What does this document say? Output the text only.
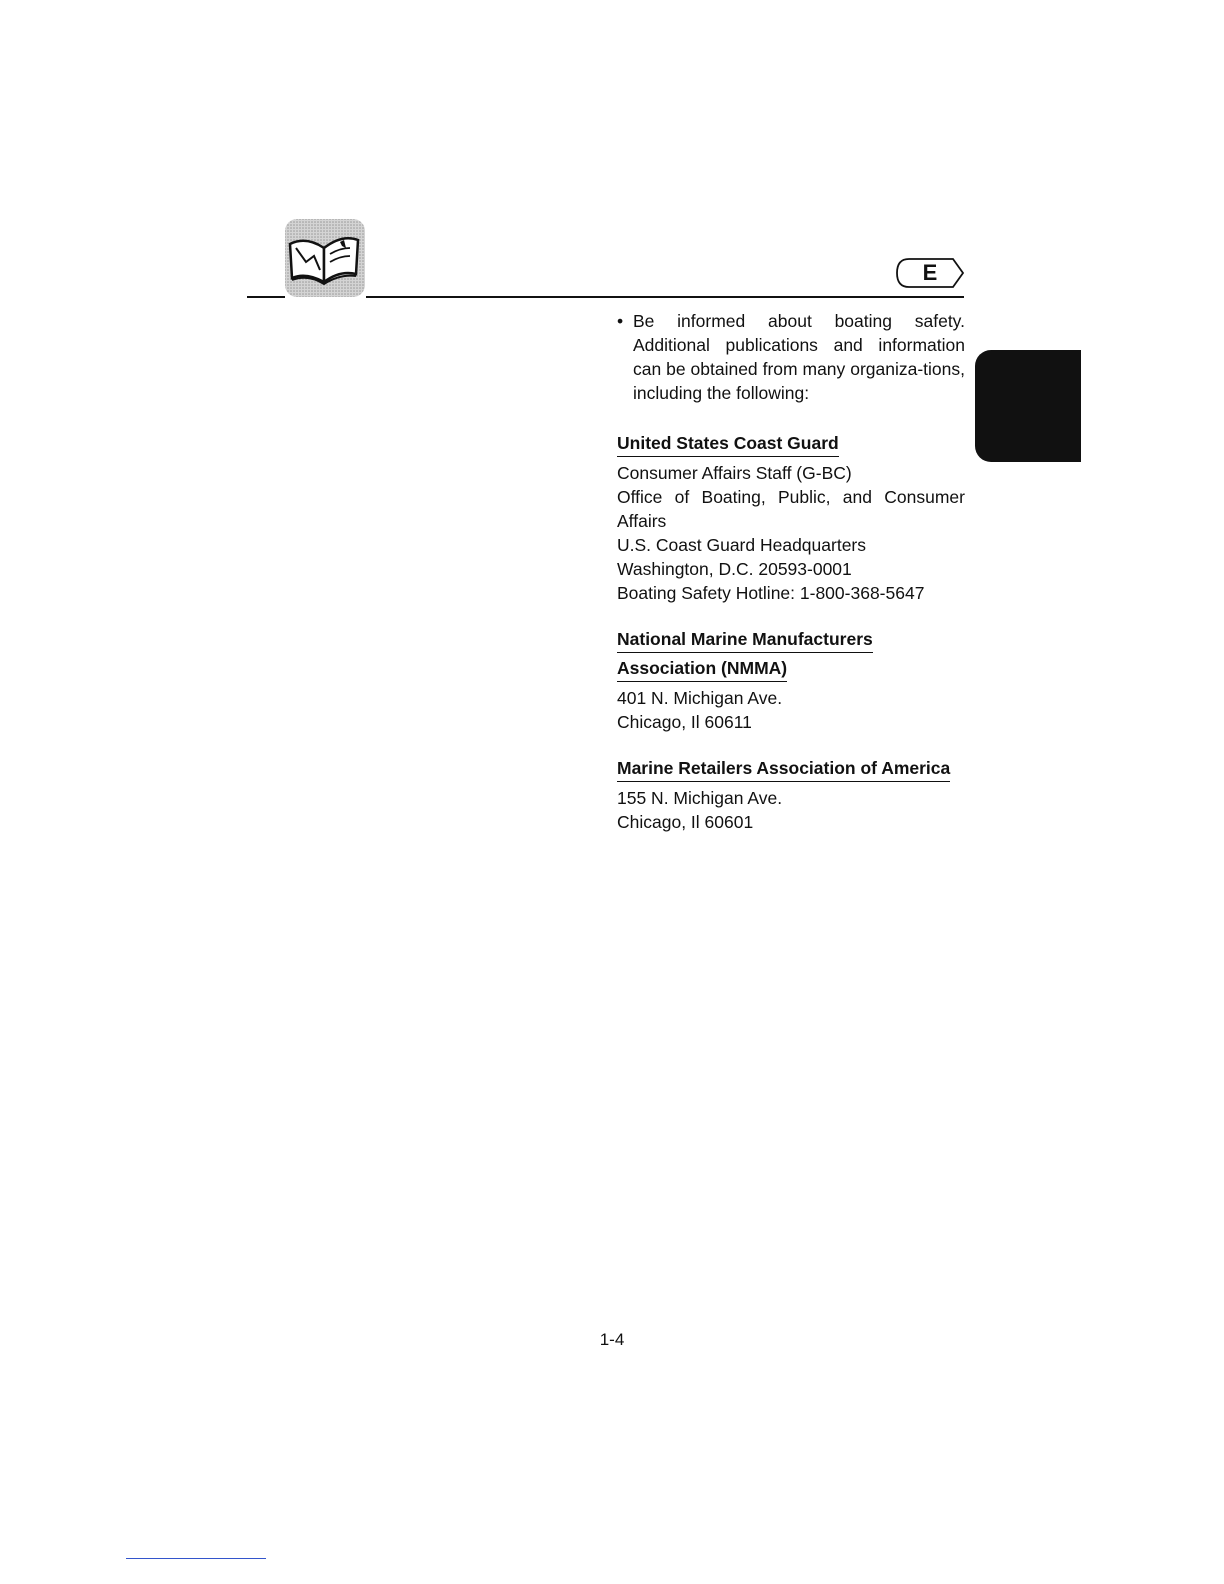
E
• Be informed about boating safety. Additional publications and information can be obtained from many organiza-tions, including the following:
United States Coast Guard
Consumer Affairs Staff (G-BC)
Office of Boating, Public, and Consumer Affairs
U.S. Coast Guard Headquarters
Washington, D.C. 20593-0001
Boating Safety Hotline: 1-800-368-5647
National Marine Manufacturers
Association (NMMA)
401 N. Michigan Ave.
Chicago, Il 60611
Marine Retailers Association of America
155 N. Michigan Ave.
Chicago, Il 60601
1-4
